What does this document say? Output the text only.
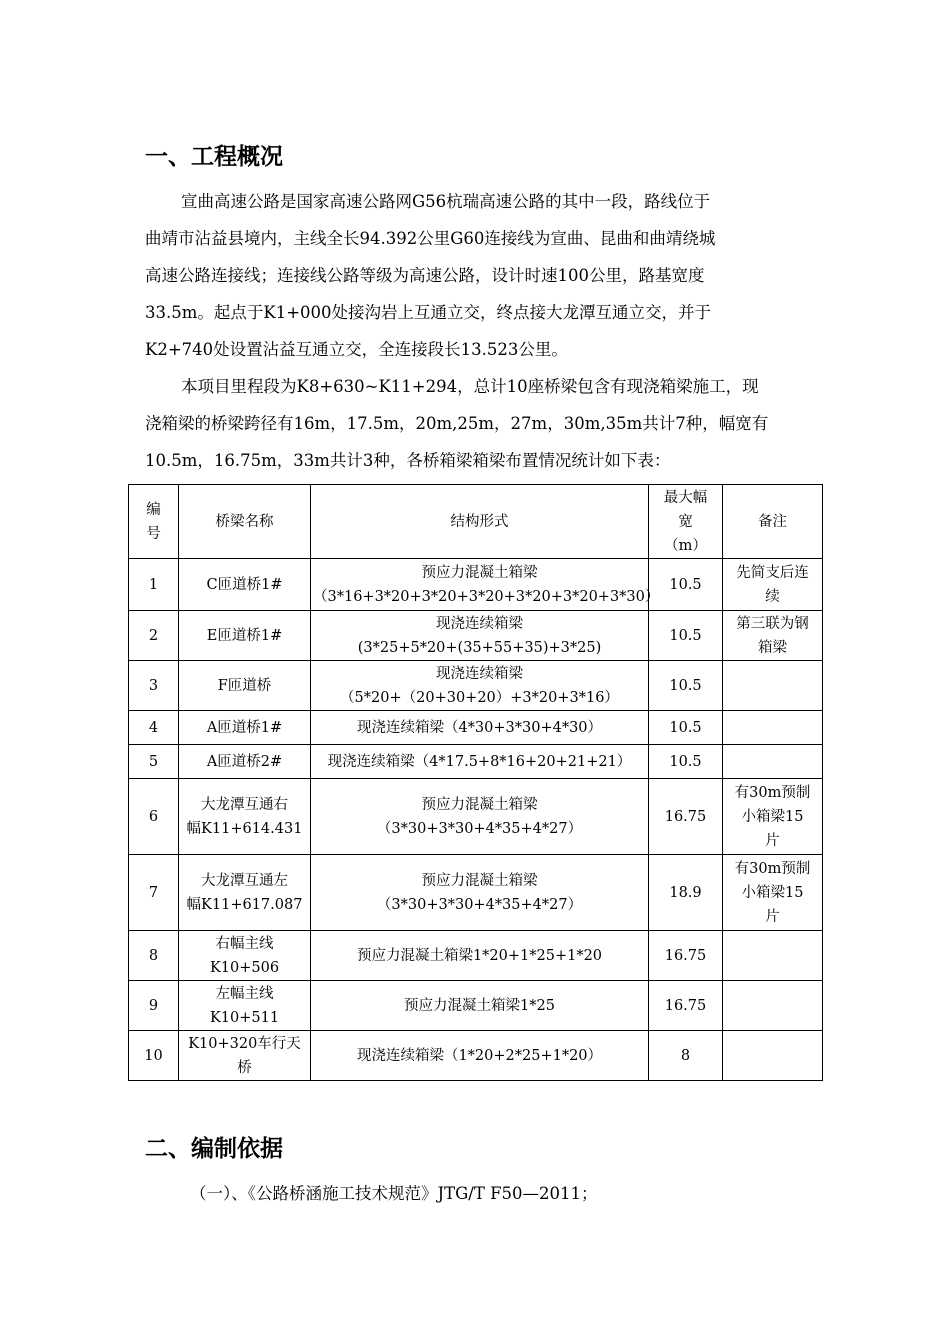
一、工程概况
宣曲高速公路是国家高速公路网G56杭瑞高速公路的其中一段，路线位于
曲靖市沾益县境内，主线全长94.392公里G60连接线为宣曲、昆曲和曲靖绕城
高速公路连接线；连接线公路等级为高速公路，设计时速100公里，路基宽度
33.5m。起点于K1+000处接沟岩上互通立交，终点接大龙潭互通立交，并于
K2+740处设置沾益互通立交，全连接段长13.523公里。
本项目里程段为K8+630~K11+294，总计10座桥梁包含有现浇箱梁施工，现
浇箱梁的桥梁跨径有16m，17.5m，20m,25m，27m，30m,35m共计7种，幅宽有
10.5m，16.75m，33m共计3种，各桥箱梁箱梁布置情况统计如下表：
编
号	桥梁名称	结构形式	最大幅
宽
（m）	备注

1	C匝道桥1#	预应力混凝土箱梁
（3*16+3*20+3*20+3*20+3*20+3*20+3*30）	10.5	先简支后连
续

2	E匝道桥1#	现浇连续箱梁
(3*25+5*20+(35+55+35)+3*25)	10.5	第三联为钢
箱梁

3	F匝道桥	现浇连续箱梁
（5*20+（20+30+20）+3*20+3*16）	10.5	

4	A匝道桥1#	现浇连续箱梁（4*30+3*30+4*30）	10.5	

5	A匝道桥2#	现浇连续箱梁（4*17.5+8*16+20+21+21）	10.5	

6	大龙潭互通右
幅K11+614.431	预应力混凝土箱梁
（3*30+3*30+4*35+4*27）	16.75	有30m预制
小箱梁15
片

7	大龙潭互通左
幅K11+617.087	预应力混凝土箱梁
（3*30+3*30+4*35+4*27）	18.9	有30m预制
小箱梁15
片

8	右幅主线
K10+506	预应力混凝土箱梁1*20+1*25+1*20	16.75	

9	左幅主线
K10+511	预应力混凝土箱梁1*25	16.75	

10	K10+320车行天
桥	现浇连续箱梁（1*20+2*25+1*20）	8	

二、编制依据
（一）、《公路桥涵施工技术规范》JTG/T F50—2011；
